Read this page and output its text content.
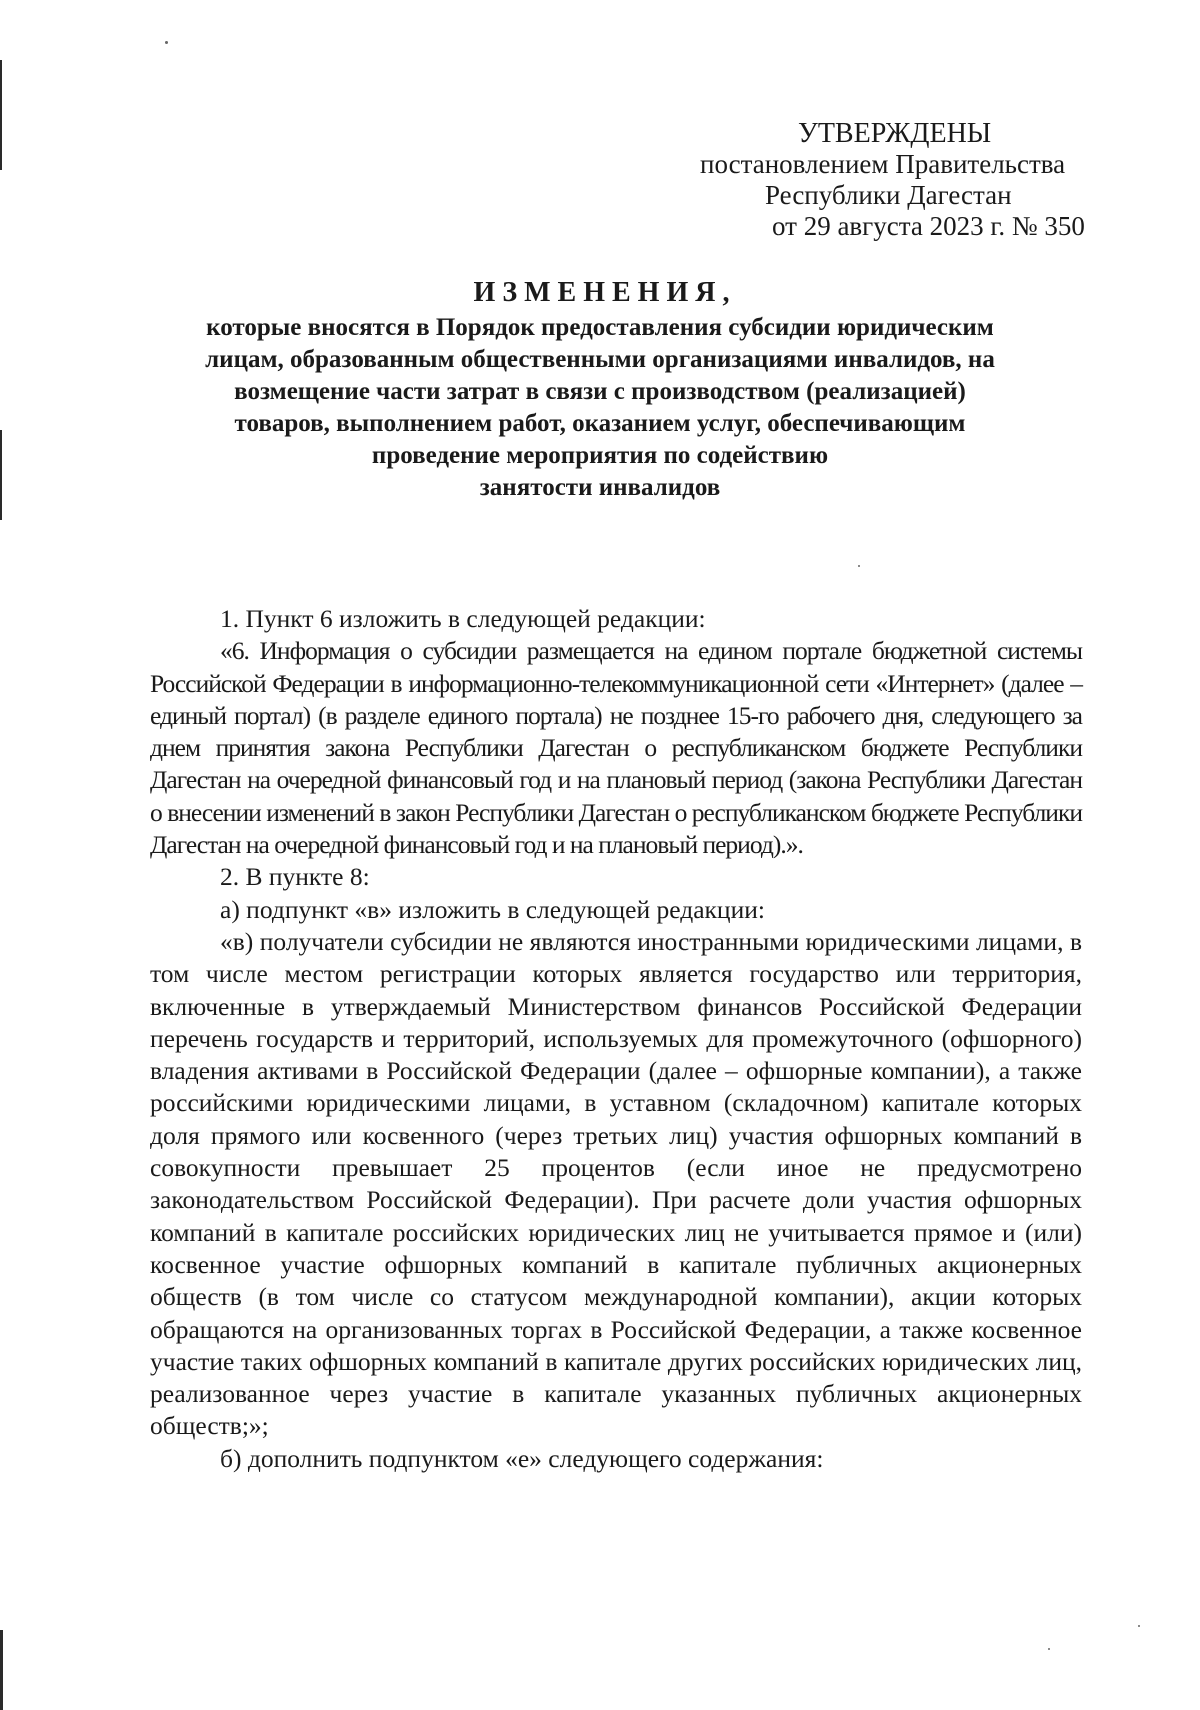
УТВЕРЖДЕНЫ
постановлением Правительства
Республики Дагестан
от 29 августа 2023 г. № 350
ИЗМЕНЕНИЯ,
которые вносятся в Порядок предоставления субсидии юридическим
лицам, образованным общественными организациями инвалидов, на
возмещение части затрат в связи с производством (реализацией)
товаров, выполнением работ, оказанием услуг, обеспечивающим
проведение мероприятия по содействию
занятости инвалидов

1. Пункт 6 изложить в следующей редакции:

«6. Информация о субсидии размещается на едином портале бюджетной системы Российской Федерации в информационно-телекоммуникационной сети «Интернет» (далее – единый портал) (в разделе единого портала) не позднее 15-го рабочего дня, следующего за днем принятия закона Республики Дагестан о республиканском бюджете Республики Дагестан на очередной финансовый год и на плановый период (закона Республики Дагестан о внесении изменений в закон Республики Дагестан о республиканском бюджете Республики Дагестан на очередной финансовый год и на плановый период).».

2. В пункте 8:

а) подпункт «в» изложить в следующей редакции:

«в) получатели субсидии не являются иностранными юридическими лицами, в том числе местом регистрации которых является государство или территория, включенные в утверждаемый Министерством финансов Российской Федерации перечень государств и территорий, используемых для промежуточного (офшорного) владения активами в Российской Федерации (далее – офшорные компании), а также российскими юридическими лицами, в уставном (складочном) капитале которых доля прямого или косвенного (через третьих лиц) участия офшорных компаний в совокупности превышает 25 процентов (если иное не предусмотрено законодательством Российской Федерации). При расчете доли участия офшорных компаний в капитале российских юридических лиц не учитывается прямое и (или) косвенное участие офшорных компаний в капитале публичных акционерных обществ (в том числе со статусом международной компании), акции которых обращаются на организованных торгах в Российской Федерации, а также косвенное участие таких офшорных компаний в капитале других российских юридических лиц, реализованное через участие в капитале указанных публичных акционерных обществ;»;

б) дополнить подпунктом «е» следующего содержания:
